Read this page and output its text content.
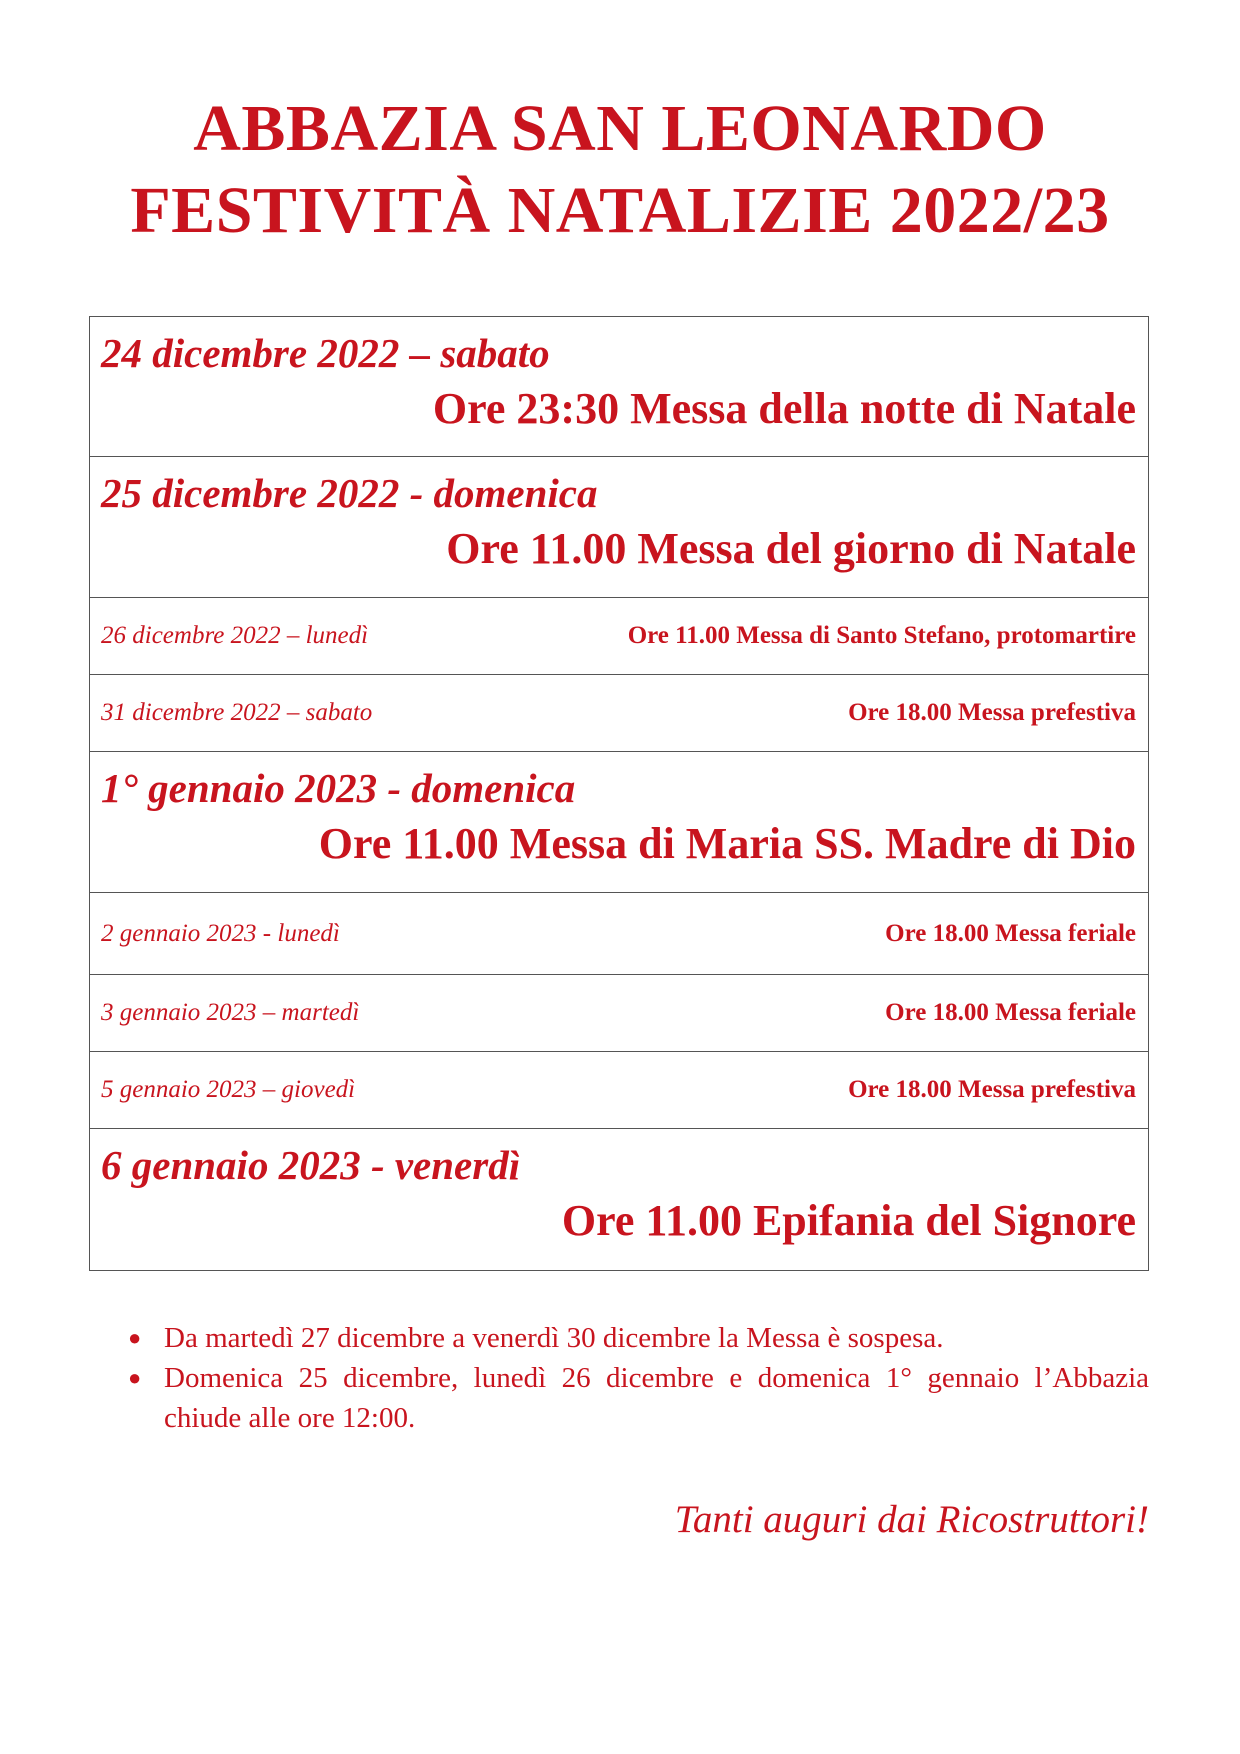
ABBAZIA SAN LEONARDO
FESTIVITÀ NATALIZIE 2022/23
24 dicembre 2022 – sabato
Ore 23:30 Messa della notte di Natale
25 dicembre 2022 - domenica
Ore 11.00 Messa del giorno di Natale
26 dicembre 2022 – lunedì	Ore 11.00 Messa di Santo Stefano, protomartire
31 dicembre 2022 – sabato	Ore 18.00 Messa prefestiva
1° gennaio 2023 - domenica
Ore 11.00 Messa di Maria SS. Madre di Dio
2 gennaio 2023 - lunedì	Ore 18.00 Messa feriale
3 gennaio 2023 – martedì	Ore 18.00 Messa feriale
5 gennaio 2023 – giovedì	Ore 18.00 Messa prefestiva
6 gennaio 2023 - venerdì
Ore 11.00 Epifania del Signore
● Da martedì 27 dicembre a venerdì 30 dicembre la Messa è sospesa.
● Domenica 25 dicembre, lunedì 26 dicembre e domenica 1° gennaio l’Abbazia chiude alle ore 12:00.
Tanti auguri dai Ricostruttori!
